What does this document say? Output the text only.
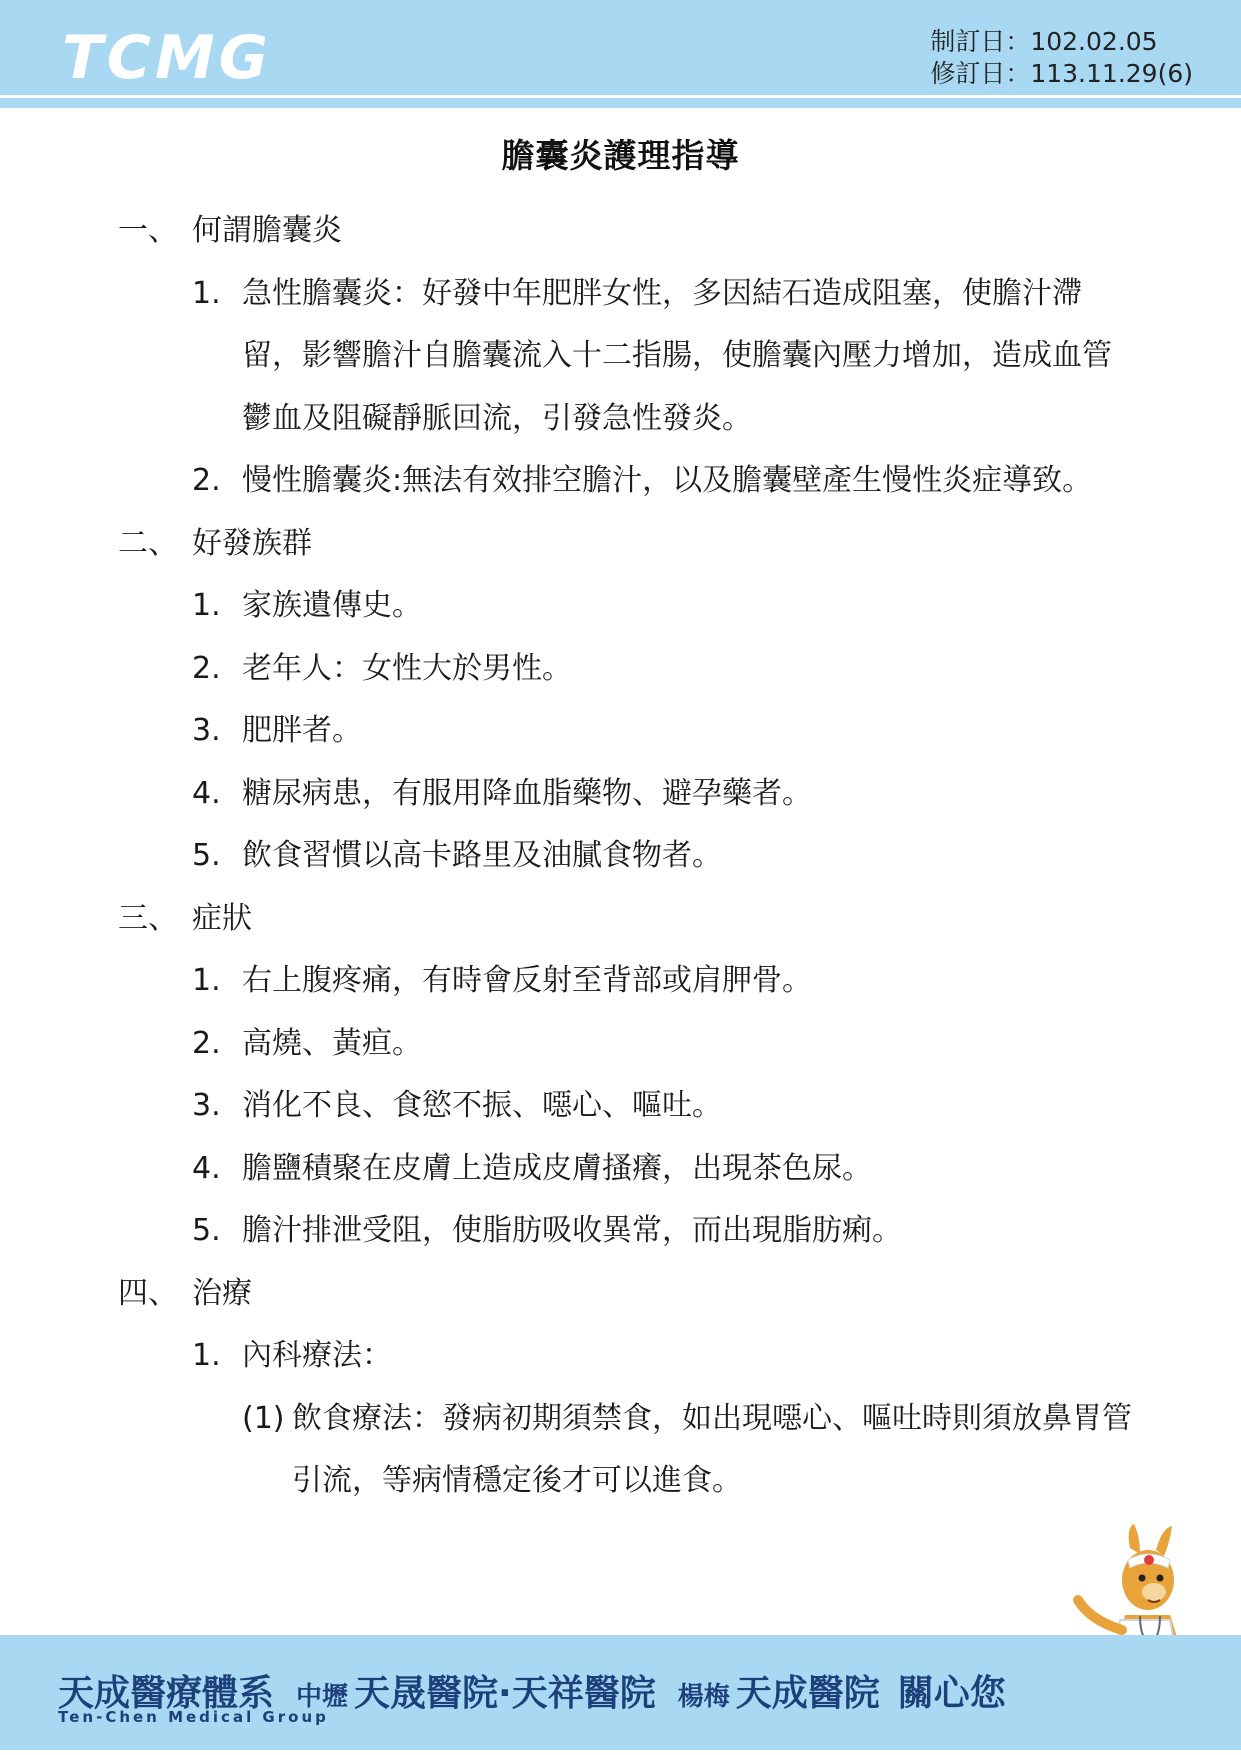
TCMG	制訂日：102.02.05
修訂日：113.11.29(6)
膽囊炎護理指導
一、 何謂膽囊炎
1. 急性膽囊炎：好發中年肥胖女性，多因結石造成阻塞，使膽汁滯留，影響膽汁自膽囊流入十二指腸，使膽囊內壓力增加，造成血管鬱血及阻礙靜脈回流，引發急性發炎。
2. 慢性膽囊炎:無法有效排空膽汁，以及膽囊壁產生慢性炎症導致。
二、 好發族群
1. 家族遺傳史。
2. 老年人：女性大於男性。
3. 肥胖者。
4. 糖尿病患，有服用降血脂藥物、避孕藥者。
5. 飲食習慣以高卡路里及油膩食物者。
三、 症狀
1. 右上腹疼痛，有時會反射至背部或肩胛骨。
2. 高燒、黃疸。
3. 消化不良、食慾不振、噁心、嘔吐。
4. 膽鹽積聚在皮膚上造成皮膚搔癢，出現茶色尿。
5. 膽汁排泄受阻，使脂肪吸收異常，而出現脂肪痢。
四、 治療
1. 內科療法：
(1) 飲食療法：發病初期須禁食，如出現噁心、嘔吐時則須放鼻胃管引流，等病情穩定後才可以進食。
天成醫療體系 中壢 天晟醫院·天祥醫院 楊梅 天成醫院 關心您
Ten-Chen Medical Group
